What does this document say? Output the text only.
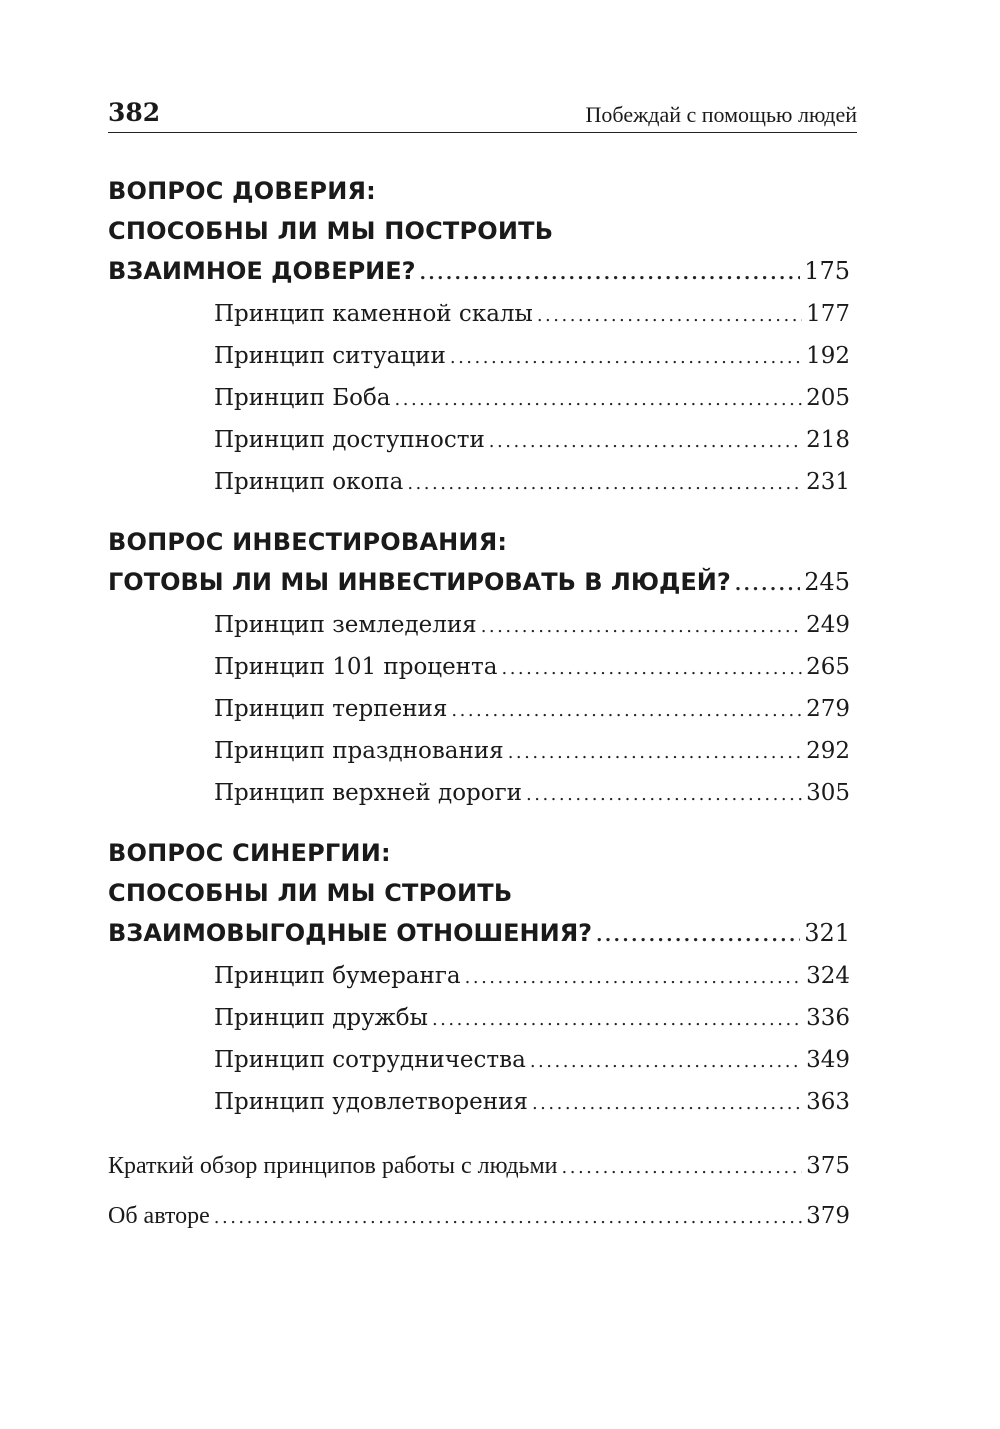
382	Побеждай с помощью людей
ВОПРОС ДОВЕРИЯ:
СПОСОБНЫ ЛИ МЫ ПОСТРОИТЬ
ВЗАИМНОЕ ДОВЕРИЕ? .....	175
Принцип каменной скалы .....	177
Принцип ситуации .....	192
Принцип Боба .....	205
Принцип доступности .....	218
Принцип окопа .....	231
ВОПРОС ИНВЕСТИРОВАНИЯ:
ГОТОВЫ ЛИ МЫ ИНВЕСТИРОВАТЬ В ЛЮДЕЙ? .....	245
Принцип земледелия .....	249
Принцип 101 процента .....	265
Принцип терпения .....	279
Принцип празднования .....	292
Принцип верхней дороги .....	305
ВОПРОС СИНЕРГИИ:
СПОСОБНЫ ЛИ МЫ СТРОИТЬ
ВЗАИМОВЫГОДНЫЕ ОТНОШЕНИЯ? .....	321
Принцип бумеранга .....	324
Принцип дружбы .....	336
Принцип сотрудничества .....	349
Принцип удовлетворения .....	363
Краткий обзор принципов работы с людьми .....	375
Об авторе .....	379
